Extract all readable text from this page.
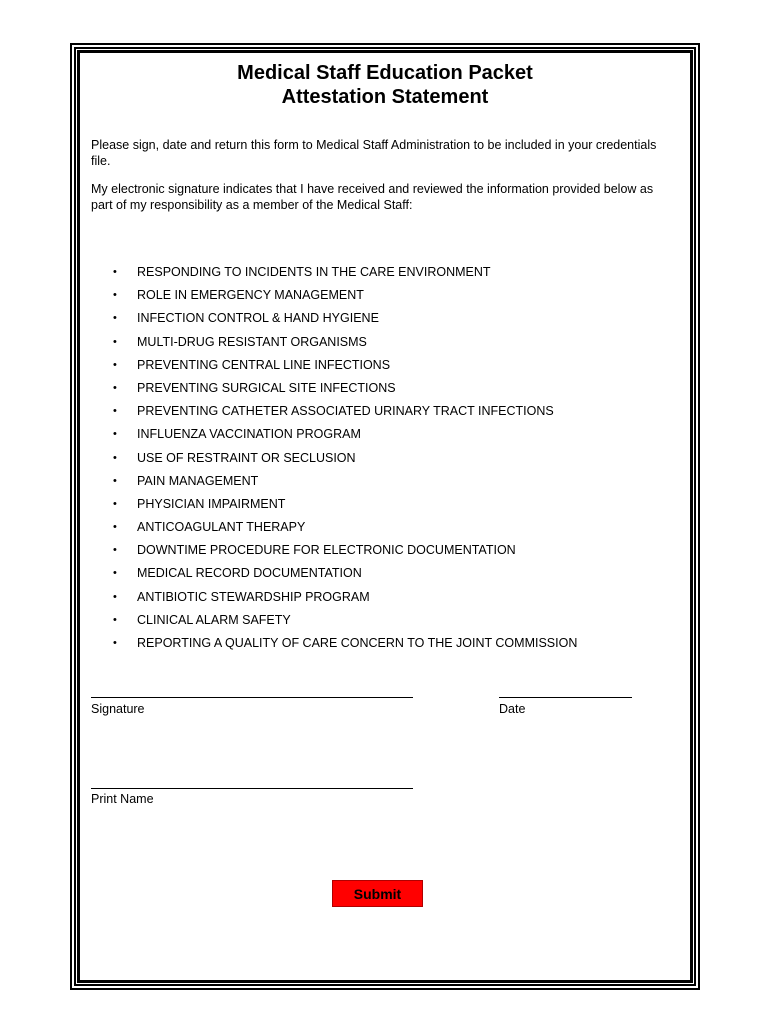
Medical Staff Education Packet
Attestation Statement

Please sign, date and return this form to Medical Staff Administration to be included in your credentials file.

My electronic signature indicates that I have received and reviewed the information provided below as part of my responsibility as a member of the Medical Staff:

• RESPONDING TO INCIDENTS IN THE CARE ENVIRONMENT
• ROLE IN EMERGENCY MANAGEMENT
• INFECTION CONTROL & HAND HYGIENE
• MULTI-DRUG RESISTANT ORGANISMS
• PREVENTING CENTRAL LINE INFECTIONS
• PREVENTING SURGICAL SITE INFECTIONS
• PREVENTING CATHETER ASSOCIATED URINARY TRACT INFECTIONS
• INFLUENZA VACCINATION PROGRAM
• USE OF RESTRAINT OR SECLUSION
• PAIN MANAGEMENT
• PHYSICIAN IMPAIRMENT
• ANTICOAGULANT THERAPY
• DOWNTIME PROCEDURE FOR ELECTRONIC DOCUMENTATION
• MEDICAL RECORD DOCUMENTATION
• ANTIBIOTIC STEWARDSHIP PROGRAM
• CLINICAL ALARM SAFETY
• REPORTING A QUALITY OF CARE CONCERN TO THE JOINT COMMISSION

Signature	Date

Print Name

Submit
